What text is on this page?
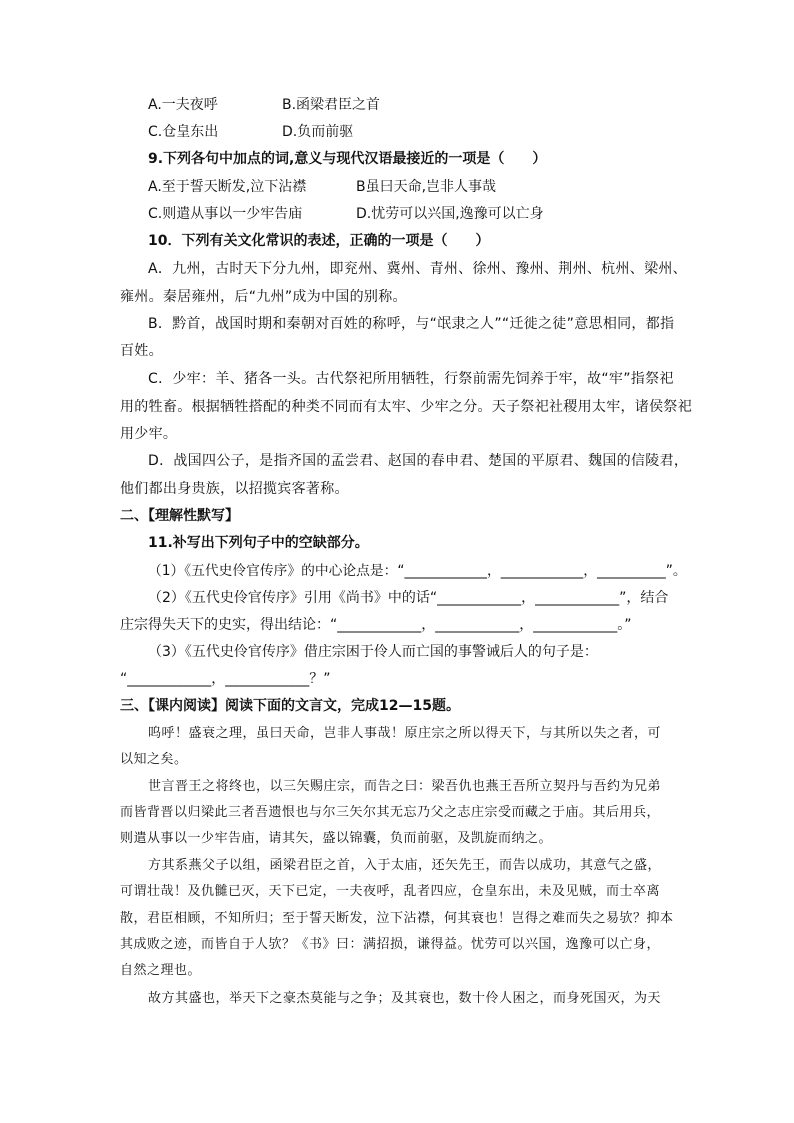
A.一夫夜呼	B.函梁君臣之首
C.仓皇东出	D.负而前驱
9.下列各句中加点的词,意义与现代汉语最接近的一项是（　　）
A.至于誓天断发,泣下沾襟	B虽曰天命,岂非人事哉
C.则遣从事以一少牢告庙	D.忧劳可以兴国,逸豫可以亡身
10．下列有关文化常识的表述，正确的一项是（　　）
A．九州，古时天下分九州，即兖州、冀州、青州、徐州、豫州、荆州、杭州、梁州、
雍州。秦居雍州，后“九州”成为中国的别称。
B．黔首，战国时期和秦朝对百姓的称呼，与“氓隶之人”“迁徙之徒”意思相同，都指
百姓。
C．少牢：羊、猪各一头。古代祭祀所用牺牲，行祭前需先饲养于牢，故“牢”指祭祀
用的牲畜。根据牺牲搭配的种类不同而有太牢、少牢之分。天子祭祀社稷用太牢，诸侯祭祀
用少牢。
D．战国四公子，是指齐国的孟尝君、赵国的春申君、楚国的平原君、魏国的信陵君，
他们都出身贵族，以招揽宾客著称。
二、【理解性默写】
11.补写出下列句子中的空缺部分。
（1）《五代史伶官传序》的中心论点是：“____________，____________，__________”。
（2）《五代史伶官传序》引用《尚书》中的话“____________，____________”，结合
庄宗得失天下的史实，得出结论：“____________，____________，____________。”
（3）《五代史伶官传序》借庄宗困于伶人而亡国的事警诫后人的句子是：
“____________，____________？”
三、【课内阅读】阅读下面的文言文，完成12—15题。
呜呼！盛衰之理，虽曰天命，岂非人事哉！原庄宗之所以得天下，与其所以失之者，可
以知之矣。
世言晋王之将终也，以三矢赐庄宗，而告之曰：梁吾仇也燕王吾所立契丹与吾约为兄弟
而皆背晋以归梁此三者吾遗恨也与尔三矢尔其无忘乃父之志庄宗受而藏之于庙。其后用兵，
则遣从事以一少牢告庙，请其矢，盛以锦囊，负而前驱，及凯旋而纳之。
方其系燕父子以组，函梁君臣之首，入于太庙，还矢先王，而告以成功，其意气之盛，
可谓壮哉！及仇雠已灭，天下已定，一夫夜呼，乱者四应，仓皇东出，未及见贼，而士卒离
散，君臣相顾，不知所归；至于誓天断发，泣下沾襟，何其衰也！岂得之难而失之易欤？抑本
其成败之迹，而皆自于人欤？《书》曰：满招损，谦得益。忧劳可以兴国，逸豫可以亡身，
自然之理也。
故方其盛也，举天下之豪杰莫能与之争；及其衰也，数十伶人困之，而身死国灭，为天
